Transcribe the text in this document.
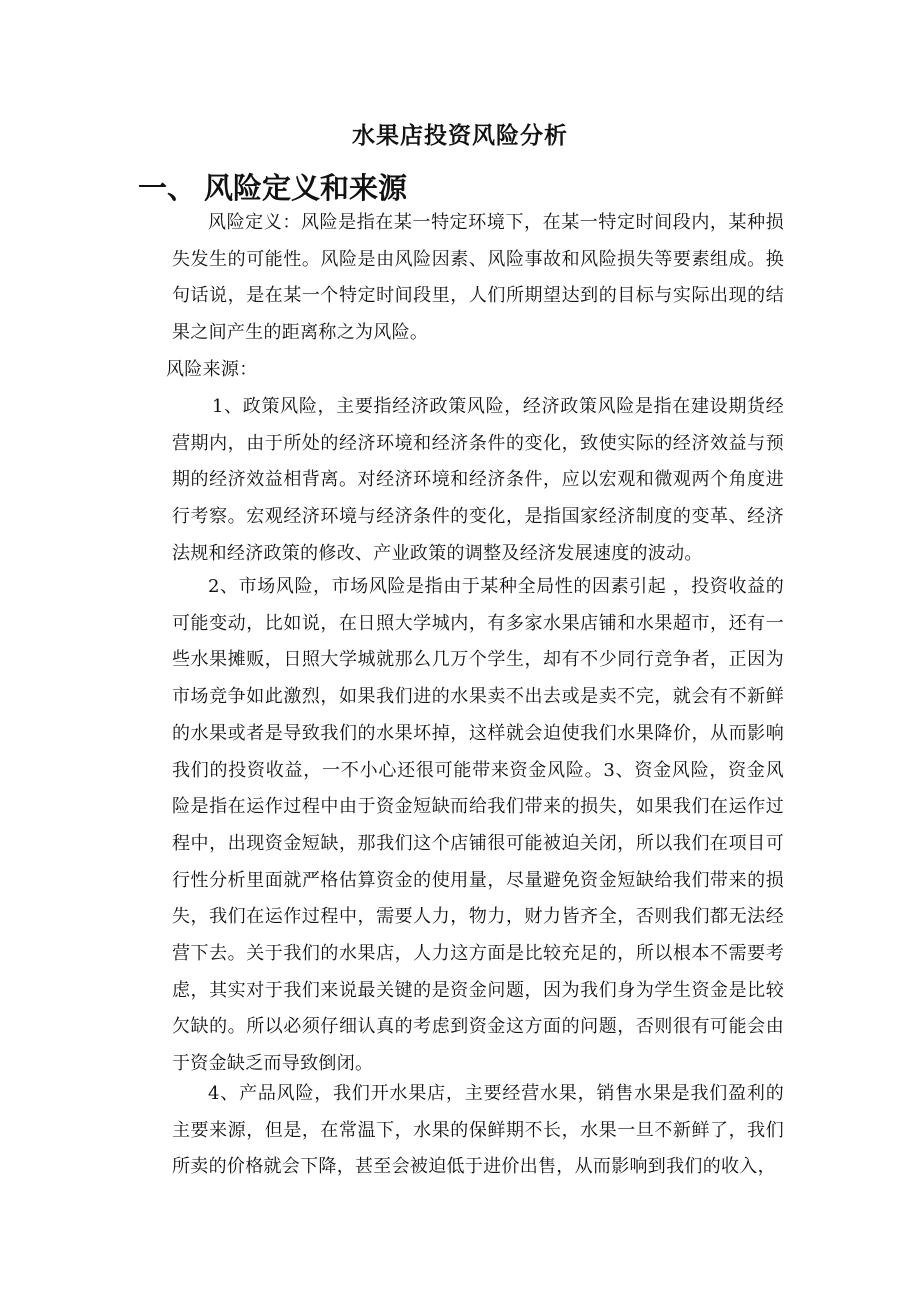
水果店投资风险分析
一、 风险定义和来源

风险定义：风险是指在某一特定环境下，在某一特定时间段内，某种损失发生的可能性。风险是由风险因素、风险事故和风险损失等要素组成。换句话说，是在某一个特定时间段里，人们所期望达到的目标与实际出现的结果之间产生的距离称之为风险。

风险来源：

1、政策风险，主要指经济政策风险，经济政策风险是指在建设期货经营期内，由于所处的经济环境和经济条件的变化，致使实际的经济效益与预期的经济效益相背离。对经济环境和经济条件，应以宏观和微观两个角度进行考察。宏观经济环境与经济条件的变化，是指国家经济制度的变革、经济法规和经济政策的修改、产业政策的调整及经济发展速度的波动。

2、市场风险，市场风险是指由于某种全局性的因素引起 ，投资收益的可能变动，比如说，在日照大学城内，有多家水果店铺和水果超市，还有一些水果摊贩，日照大学城就那么几万个学生，却有不少同行竞争者，正因为市场竞争如此激烈，如果我们进的水果卖不出去或是卖不完，就会有不新鲜的水果或者是导致我们的水果坏掉，这样就会迫使我们水果降价，从而影响我们的投资收益，一不小心还很可能带来资金风险。3、资金风险，资金风险是指在运作过程中由于资金短缺而给我们带来的损失，如果我们在运作过程中，出现资金短缺，那我们这个店铺很可能被迫关闭，所以我们在项目可行性分析里面就严格估算资金的使用量，尽量避免资金短缺给我们带来的损失，我们在运作过程中，需要人力，物力，财力皆齐全，否则我们都无法经营下去。关于我们的水果店，人力这方面是比较充足的，所以根本不需要考虑，其实对于我们来说最关键的是资金问题，因为我们身为学生资金是比较欠缺的。所以必须仔细认真的考虑到资金这方面的问题，否则很有可能会由于资金缺乏而导致倒闭。

4、产品风险，我们开水果店，主要经营水果，销售水果是我们盈利的主要来源，但是，在常温下，水果的保鲜期不长，水果一旦不新鲜了，我们所卖的价格就会下降，甚至会被迫低于进价出售，从而影响到我们的收入，
